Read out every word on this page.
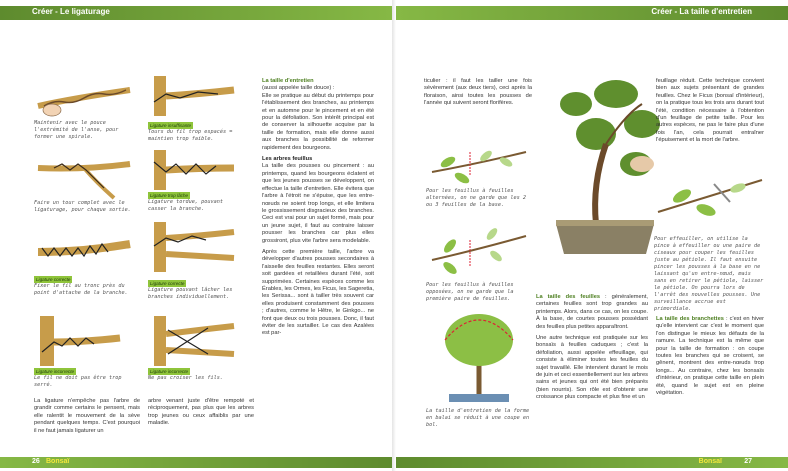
Créer - Le ligaturage
Maintenir avec le pouce l'extrémité de l'anse, pour former une spirale.
Faire un tour complet avec le ligaturage, pour chaque sortie.
Ligature correcte
Fixer le fil au tronc près du point d'attache de la branche.
Ligature incorrecte
Le fil ne doit pas être trop serré.
Ligature insuffisante
Tours du fil trop espacés = maintien trop faible.
Ligature trop lâche
Ligature tordue, pouvant casser la branche.
Ligature correcte
Ligature pouvant lâcher les branches individuellement.
Ligature incorrecte
Ne pas croiser les fils.
La ligature n'empêche pas l'arbre de grandir comme certains le pensent, mais elle ralentit le mouvement de la sève pendant quelques temps. C'est pourquoi il ne faut jamais ligaturer un
arbre venant juste d'être rempoté et réciproquement, pas plus que les arbres trop jeunes ou ceux affaiblis par une maladie.
La taille d'entretien
(aussi appelée taille douce) :

Elle se pratique au début du printemps pour l'établissement des branches, au printemps et en automne pour le pincement et en été pour la défoliation. Son intérêt principal est de conserver la silhouette acquise par la taille de formation, mais elle donne aussi aux branches la possibilité de reformer rapidement des bourgeons.

Les arbres feuillus

La taille des pousses ou pincement : au printemps, quand les bourgeons éclatent et que les jeunes pousses se développent, on effectue la taille d'entretien. Elle évitera que l'arbre à l'étroit ne s'épuise, que les entre-nœuds ne soient trop longs, et elle limitera le grossissement disgracieux des branches. Ceci est vrai pour un sujet formé, mais pour un jeune sujet, il faut au contraire laisser pousser les branches car plus elles grossiront, plus vite l'arbre sera modelable.

Après cette première taille, l'arbre va développer d'autres pousses secondaires à l'aisselle des feuilles restantes. Elles seront soit gardées et retaillées durant l'été, soit supprimées. Certaines espèces comme les Érables, les Ormes, les Ficus, les Sageretia, les Serissa... sont à tailler très souvent car elles produisent constamment des pousses ; d'autres, comme le Hêtre, le Ginkgo... ne font que deux ou trois pousses. Donc, il faut éviter de les surtailler. Le cas des Azalées est par-

26 Bonsaï
Créer - La taille d'entretien
ticulier : il faut les tailler une fois sévèrement (aux deux tiers), ceci après la floraison, ainsi toutes les pousses de l'année qui suivent seront florifères.
Pour les feuillus à feuilles alternées, on ne garde que les 2 ou 3 feuilles de la base.
Pour les feuillus à feuilles opposées, on ne garde que la première paire de feuilles.
La taille d'entretien de la forme en balai se réduit à une coupe en bol.

La taille des feuilles : généralement, certaines feuilles sont trop grandes au printemps. Alors, dans ce cas, on les coupe. À la base, de courtes pousses possédant des feuilles plus petites apparaîtront.

Une autre technique est pratiquée sur les bonsaïs à feuilles caduques ; c'est la défoliation, aussi appelée effeuillage, qui consiste à éliminer toutes les feuilles du sujet travaillé. Elle intervient durant le mois de juin et ceci essentiellement sur les arbres sains et jeunes qui ont été bien préparés (bien nourris). Son rôle est d'obtenir une croissance plus compacte et plus fine et un

feuillage réduit. Cette technique convient bien aux sujets présentant de grandes feuilles. Chez le Ficus (bonsaï d'intérieur), on la pratique tous les trois ans durant tout l'été, condition nécessaire à l'obtention d'un feuillage de petite taille. Pour les autres espèces, ne pas le faire plus d'une fois l'an, cela pourrait entraîner l'épuisement et la mort de l'arbre.
Pour effeuiller, on utilise la pince à effeuiller ou une paire de ciseaux pour couper les feuilles juste au pétiole. Il faut ensuite pincer les pousses à la base en ne laissant qu'un entre-nœud, mais sans en retirer le pétiole, laisser le pétiole. On pourra lors de l'arrêt des nouvelles pousses. Une surveillance accrue est primordiale.
La taille des branchettes : c'est en hiver qu'elle intervient car c'est le moment que l'on distingue le mieux les défauts de la ramure. La technique est la même que pour la taille de formation : on coupe toutes les branches qui se croisent, se gênent, montrent des entre-nœuds trop longs... Au contraire, chez les bonsaïs d'intérieur, on pratique cette taille en plein été, quand le sujet est en pleine végétation.
Bonsaï	27
